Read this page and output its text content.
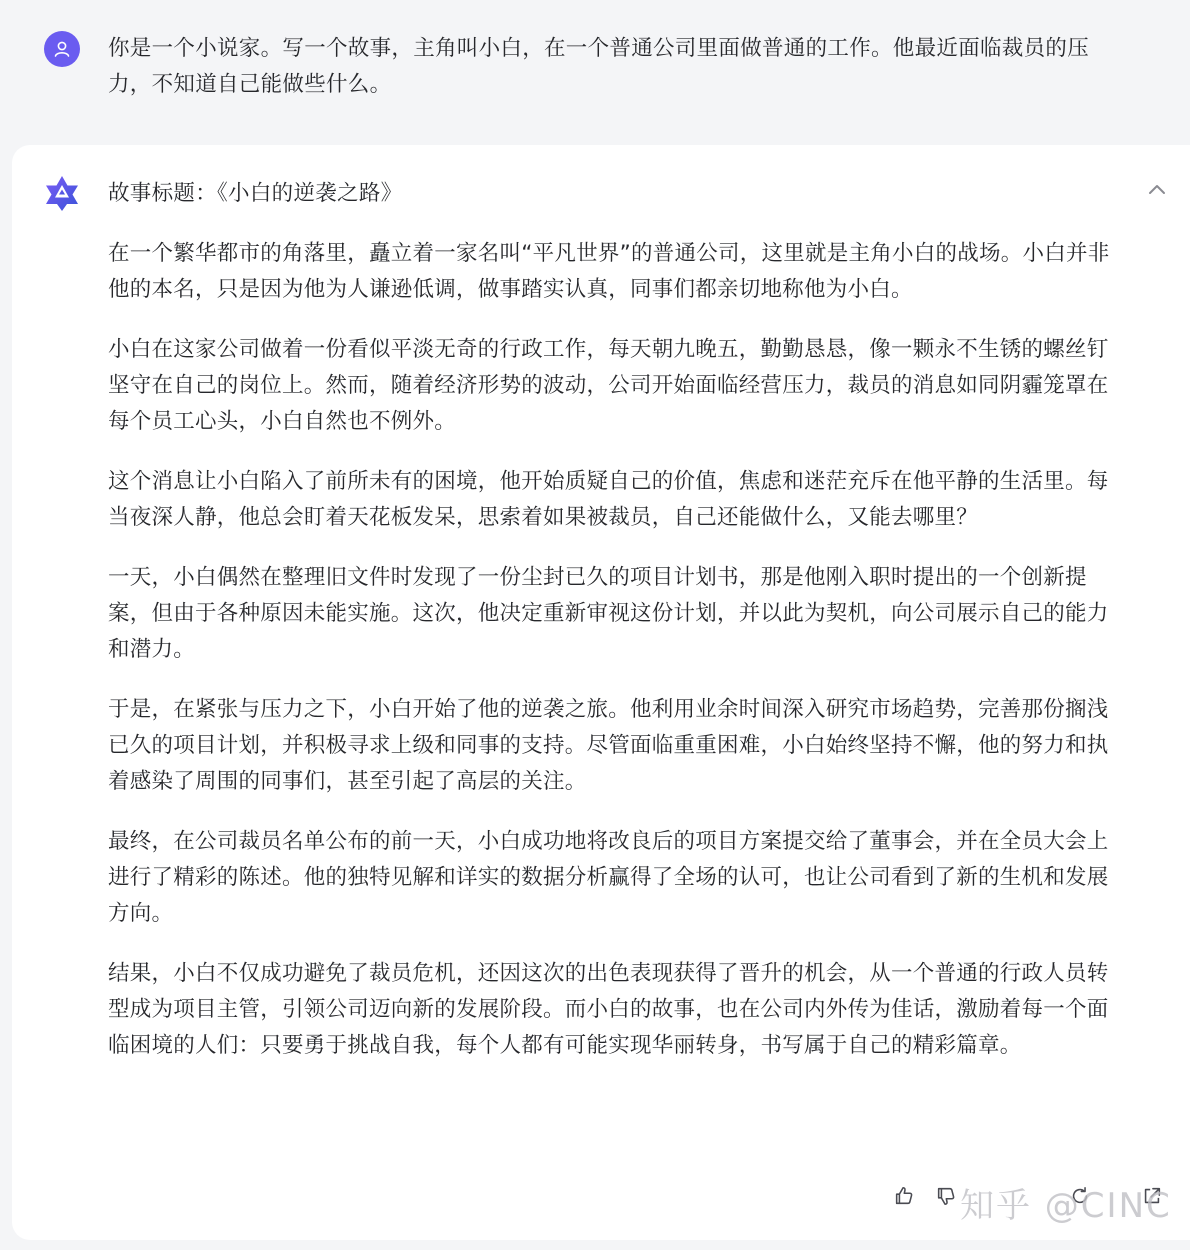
你是一个小说家。写一个故事，主角叫小白，在一个普通公司里面做普通的工作。他最近面临裁员的压力，不知道自己能做些什么。
故事标题：《小白的逆袭之路》

在一个繁华都市的角落里，矗立着一家名叫“平凡世界”的普通公司，这里就是主角小白的战场。小白并非他的本名，只是因为他为人谦逊低调，做事踏实认真，同事们都亲切地称他为小白。

小白在这家公司做着一份看似平淡无奇的行政工作，每天朝九晚五，勤勤恳恳，像一颗永不生锈的螺丝钉坚守在自己的岗位上。然而，随着经济形势的波动，公司开始面临经营压力，裁员的消息如同阴霾笼罩在每个员工心头，小白自然也不例外。

这个消息让小白陷入了前所未有的困境，他开始质疑自己的价值，焦虑和迷茫充斥在他平静的生活里。每当夜深人静，他总会盯着天花板发呆，思索着如果被裁员，自己还能做什么，又能去哪里？

一天，小白偶然在整理旧文件时发现了一份尘封已久的项目计划书，那是他刚入职时提出的一个创新提案，但由于各种原因未能实施。这次，他决定重新审视这份计划，并以此为契机，向公司展示自己的能力和潜力。

于是，在紧张与压力之下，小白开始了他的逆袭之旅。他利用业余时间深入研究市场趋势，完善那份搁浅已久的项目计划，并积极寻求上级和同事的支持。尽管面临重重困难，小白始终坚持不懈，他的努力和执着感染了周围的同事们，甚至引起了高层的关注。

最终，在公司裁员名单公布的前一天，小白成功地将改良后的项目方案提交给了董事会，并在全员大会上进行了精彩的陈述。他的独特见解和详实的数据分析赢得了全场的认可，也让公司看到了新的生机和发展方向。

结果，小白不仅成功避免了裁员危机，还因这次的出色表现获得了晋升的机会，从一个普通的行政人员转型成为项目主管，引领公司迈向新的发展阶段。而小白的故事，也在公司内外传为佳话，激励着每一个面临困境的人们：只要勇于挑战自我，每个人都有可能实现华丽转身，书写属于自己的精彩篇章。

知乎 @CINC
